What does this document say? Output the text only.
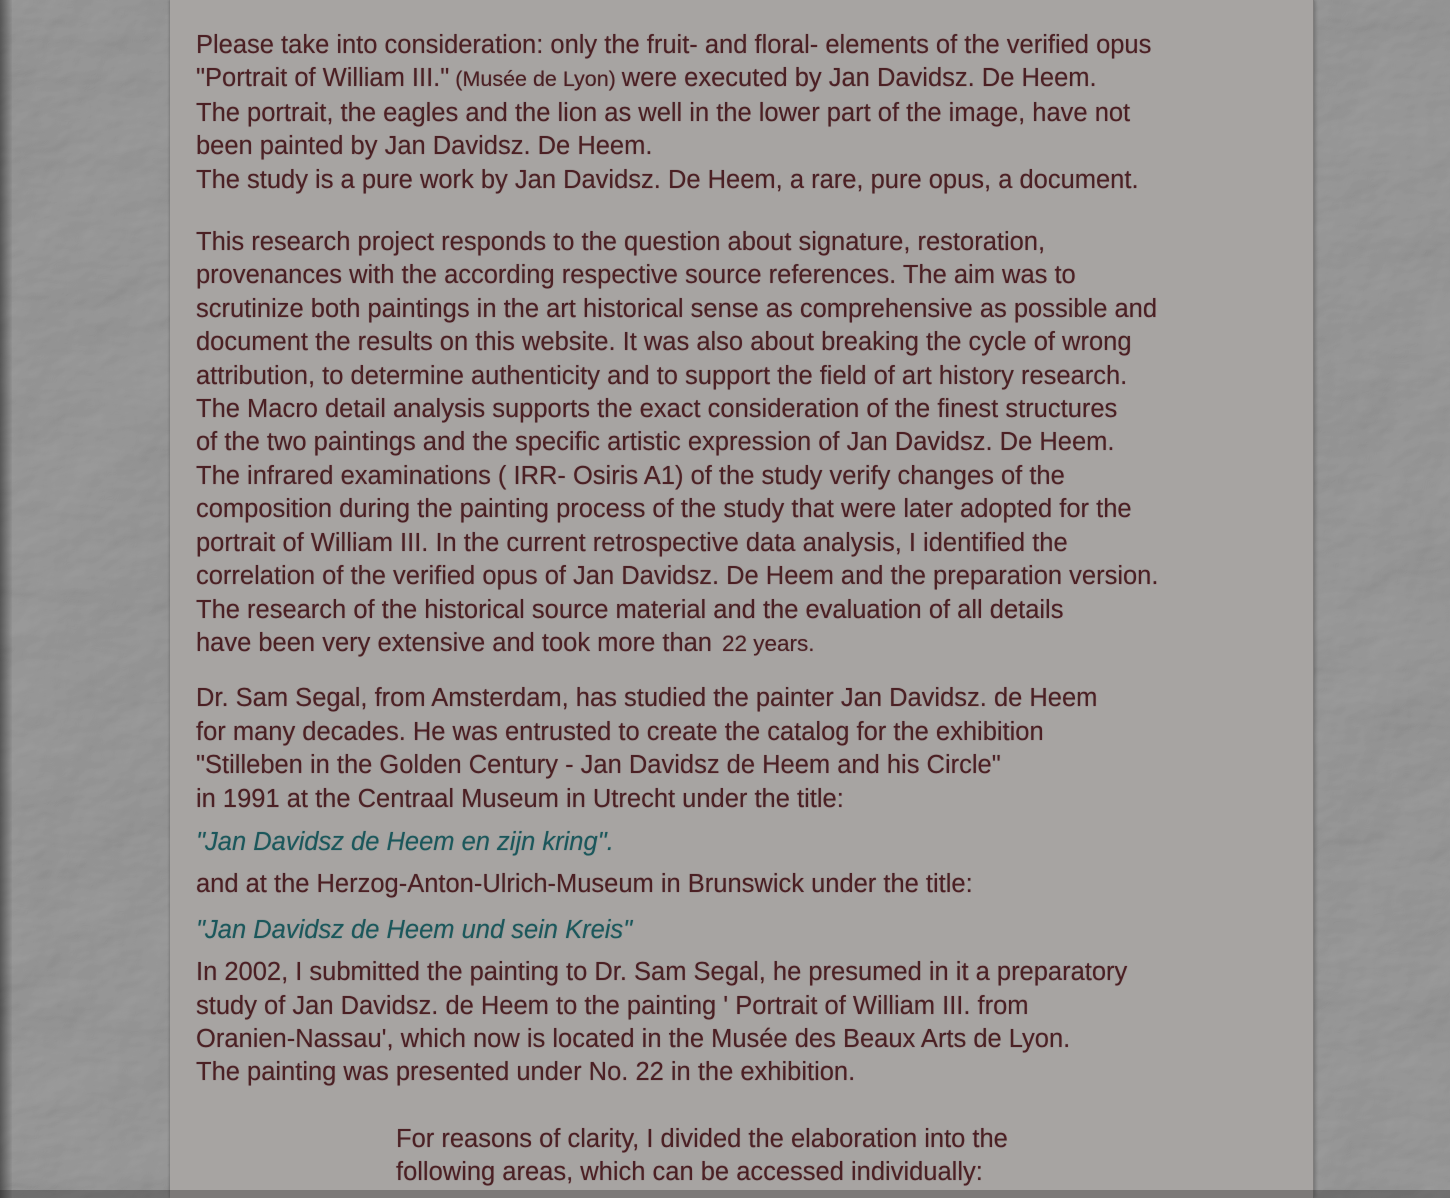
Please take into consideration: only the fruit- and floral- elements of the verified opus
"Portrait of William III." (Musée de Lyon) were executed by Jan Davidsz. De Heem.
The portrait, the eagles and the lion as well in the lower part of the image, have not
been painted by Jan Davidsz. De Heem.
The study is a pure work by Jan Davidsz. De Heem, a rare, pure opus, a document.

This research project responds to the question about signature, restoration,
provenances with the according respective source references. The aim was to
scrutinize both paintings in the art historical sense as comprehensive as possible and
document the results on this website. It was also about breaking the cycle of wrong
attribution, to determine authenticity and to support the field of art history research.
The Macro detail analysis supports the exact consideration of the finest structures
of the two paintings and the specific artistic expression of Jan Davidsz. De Heem.
The infrared examinations ( IRR- Osiris A1) of the study verify changes of the
composition during the painting process of the study that were later adopted for the
portrait of William III. In the current retrospective data analysis, I identified the
correlation of the verified opus of Jan Davidsz. De Heem and the preparation version.
The research of the historical source material and the evaluation of all details
have been very extensive and took more than 22 years.

Dr. Sam Segal, from Amsterdam, has studied the painter Jan Davidsz. de Heem
for many decades. He was entrusted to create the catalog for the exhibition
"Stilleben in the Golden Century - Jan Davidsz de Heem and his Circle"
in 1991 at the Centraal Museum in Utrecht under the title:

"Jan Davidsz de Heem en zijn kring".

and at the Herzog-Anton-Ulrich-Museum in Brunswick under the title:

"Jan Davidsz de Heem und sein Kreis"

In 2002, I submitted the painting to Dr. Sam Segal, he presumed in it a preparatory
study of Jan Davidsz. de Heem to the painting ' Portrait of William III. from
Oranien-Nassau', which now is located in the Musée des Beaux Arts de Lyon.
The painting was presented under No. 22 in the exhibition.

For reasons of clarity, I divided the elaboration into the
following areas, which can be accessed individually:
